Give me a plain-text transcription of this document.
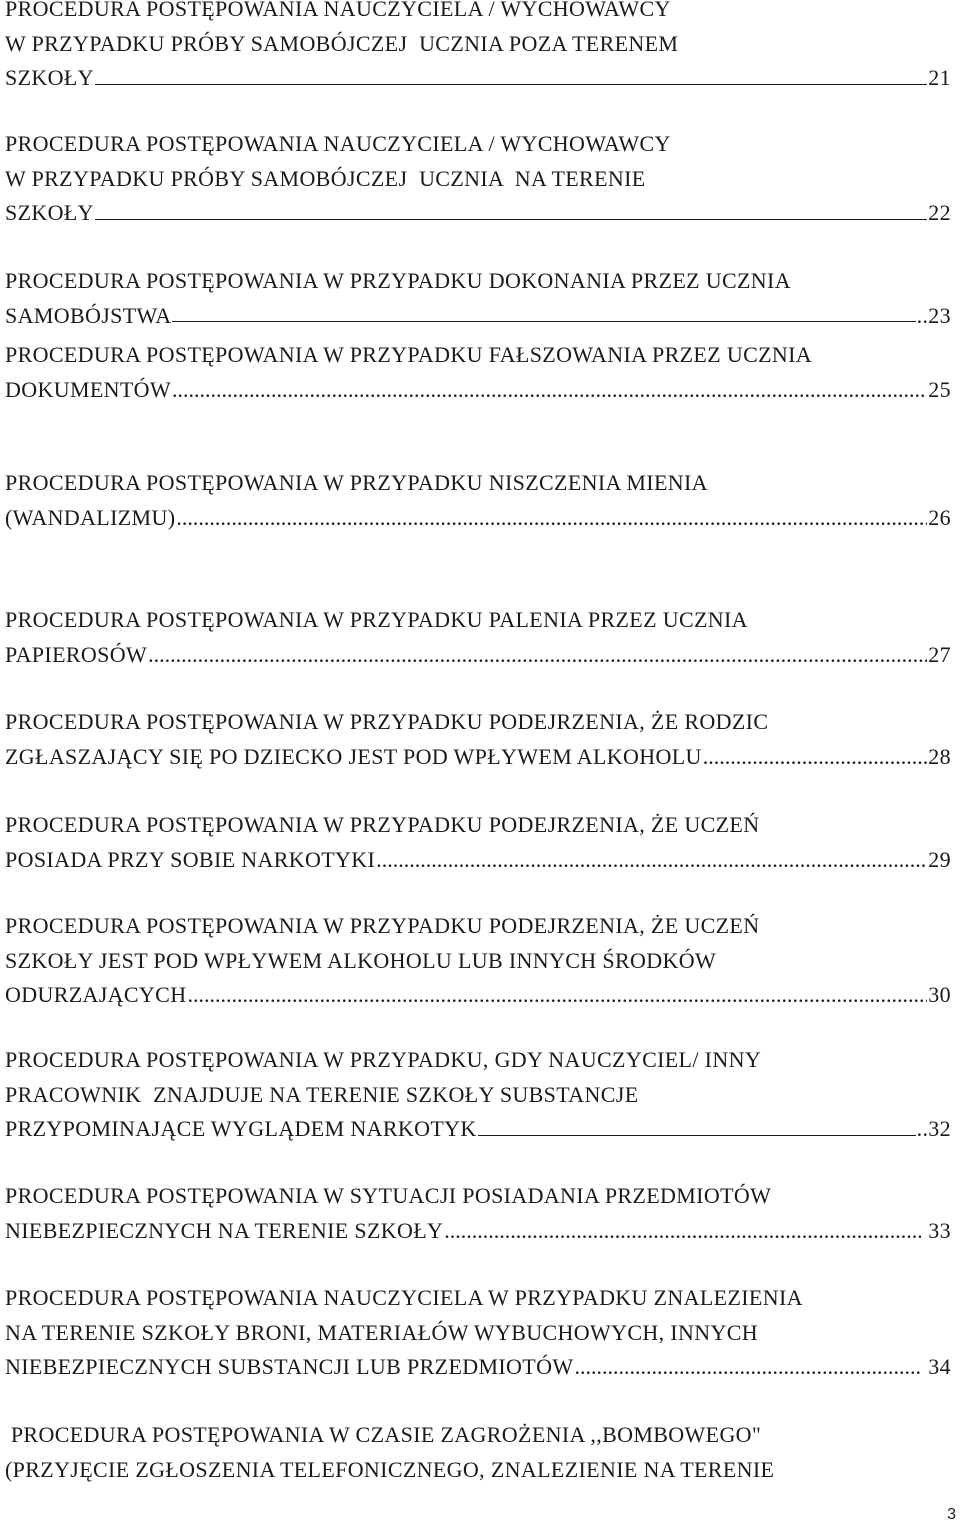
PROCEDURA POSTĘPOWANIA NAUCZYCIELA / WYCHOWAWCY
W PRZYPADKU PRÓBY SAMOBÓJCZEJ  UCZNIA POZA TERENEM
SZKOŁY	21
PROCEDURA POSTĘPOWANIA NAUCZYCIELA / WYCHOWAWCY
W PRZYPADKU PRÓBY SAMOBÓJCZEJ  UCZNIA  NA TERENIE
SZKOŁY	22
PROCEDURA POSTĘPOWANIA W PRZYPADKU DOKONANIA PRZEZ UCZNIA
SAMOBÓJSTWA	..23
PROCEDURA POSTĘPOWANIA W PRZYPADKU FAŁSZOWANIA PRZEZ UCZNIA
DOKUMENTÓW .....	25
PROCEDURA POSTĘPOWANIA W PRZYPADKU NISZCZENIA MIENIA
(WANDALIZMU) .....	26
PROCEDURA POSTĘPOWANIA W PRZYPADKU PALENIA PRZEZ UCZNIA
PAPIEROSÓW .....	27
PROCEDURA POSTĘPOWANIA W PRZYPADKU PODEJRZENIA, ŻE RODZIC
ZGŁASZAJĄCY SIĘ PO DZIECKO JEST POD WPŁYWEM ALKOHOLU .....	28
PROCEDURA POSTĘPOWANIA W PRZYPADKU PODEJRZENIA, ŻE UCZEŃ
POSIADA PRZY SOBIE NARKOTYKI .....	29
PROCEDURA POSTĘPOWANIA W PRZYPADKU PODEJRZENIA, ŻE UCZEŃ
SZKOŁY JEST POD WPŁYWEM ALKOHOLU LUB INNYCH ŚRODKÓW
ODURZAJĄCYCH .....	30
PROCEDURA POSTĘPOWANIA W PRZYPADKU, GDY NAUCZYCIEL/ INNY
PRACOWNIK  ZNAJDUJE NA TERENIE SZKOŁY SUBSTANCJE
PRZYPOMINAJĄCE WYGLĄDEM NARKOTYK	..32
PROCEDURA POSTĘPOWANIA W SYTUACJI POSIADANIA PRZEDMIOTÓW
NIEBEZPIECZNYCH NA TERENIE SZKOŁY .....	33
PROCEDURA POSTĘPOWANIA NAUCZYCIELA W PRZYPADKU ZNALEZIENIA
NA TERENIE SZKOŁY BRONI, MATERIAŁÓW WYBUCHOWYCH, INNYCH
NIEBEZPIECZNYCH SUBSTANCJI LUB PRZEDMIOTÓW .....	34
PROCEDURA POSTĘPOWANIA W CZASIE ZAGROŻENIA ,,BOMBOWEGO"
(PRZYJĘCIE ZGŁOSZENIA TELEFONICZNEGO, ZNALEZIENIE NA TERENIE
3
